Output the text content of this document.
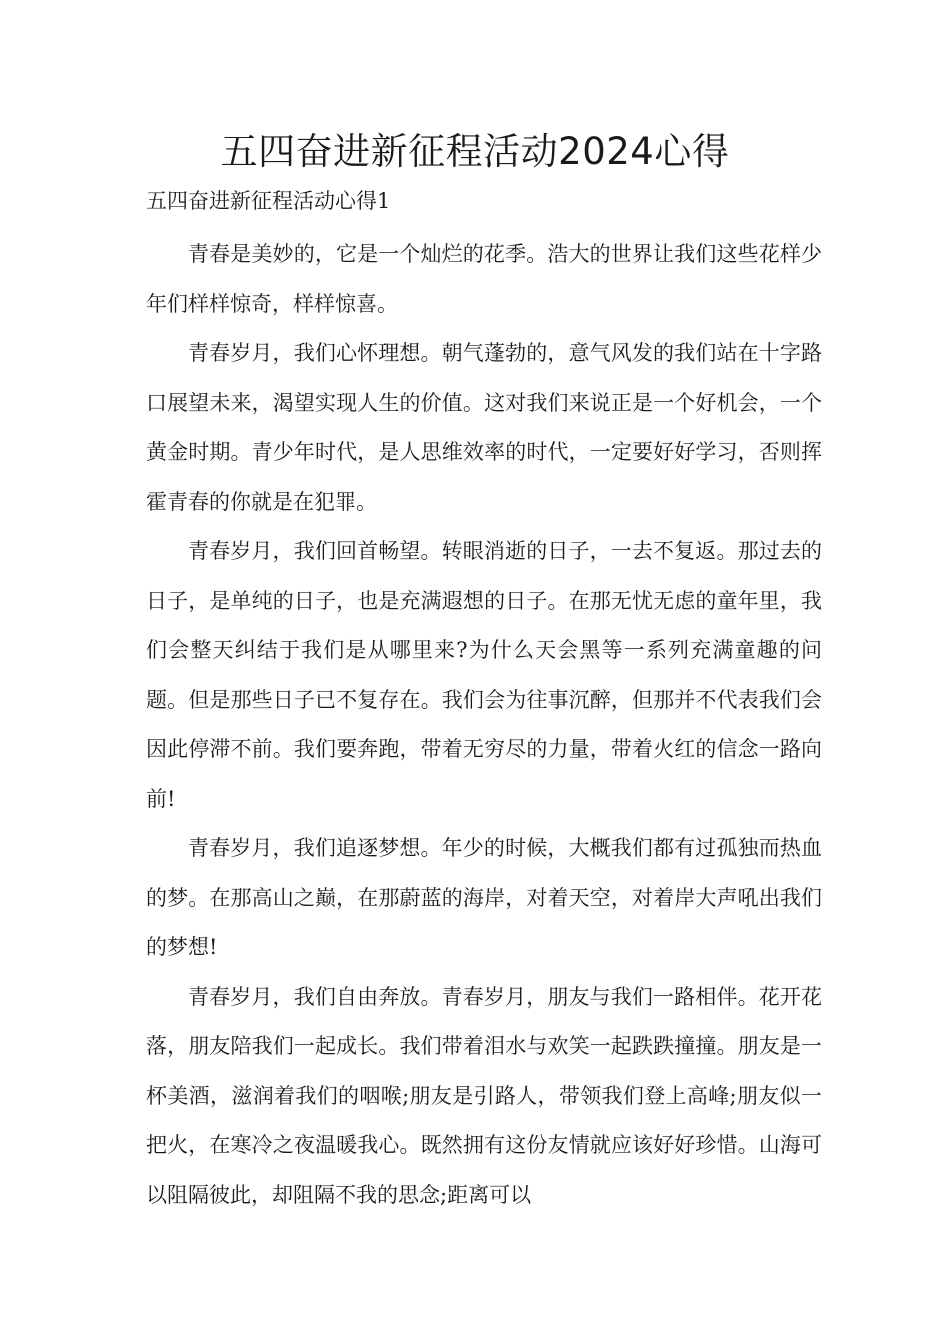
五四奋进新征程活动2024心得

五四奋进新征程活动心得1

青春是美妙的，它是一个灿烂的花季。浩大的世界让我们这些花样少年们样样惊奇，样样惊喜。

青春岁月，我们心怀理想。朝气蓬勃的，意气风发的我们站在十字路口展望未来，渴望实现人生的价值。这对我们来说正是一个好机会，一个黄金时期。青少年时代，是人思维效率的时代，一定要好好学习，否则挥霍青春的你就是在犯罪。

青春岁月，我们回首畅望。转眼消逝的日子，一去不复返。那过去的日子，是单纯的日子，也是充满遐想的日子。在那无忧无虑的童年里，我们会整天纠结于我们是从哪里来?为什么天会黑等一系列充满童趣的问题。但是那些日子已不复存在。我们会为往事沉醉，但那并不代表我们会因此停滞不前。我们要奔跑，带着无穷尽的力量，带着火红的信念一路向前!

青春岁月，我们追逐梦想。年少的时候，大概我们都有过孤独而热血的梦。在那高山之巅，在那蔚蓝的海岸，对着天空，对着岸大声吼出我们的梦想!

青春岁月，我们自由奔放。青春岁月，朋友与我们一路相伴。花开花落，朋友陪我们一起成长。我们带着泪水与欢笑一起跌跌撞撞。朋友是一杯美酒，滋润着我们的咽喉;朋友是引路人，带领我们登上高峰;朋友似一把火，在寒冷之夜温暖我心。既然拥有这份友情就应该好好珍惜。山海可以阻隔彼此，却阻隔不我的思念;距离可以
